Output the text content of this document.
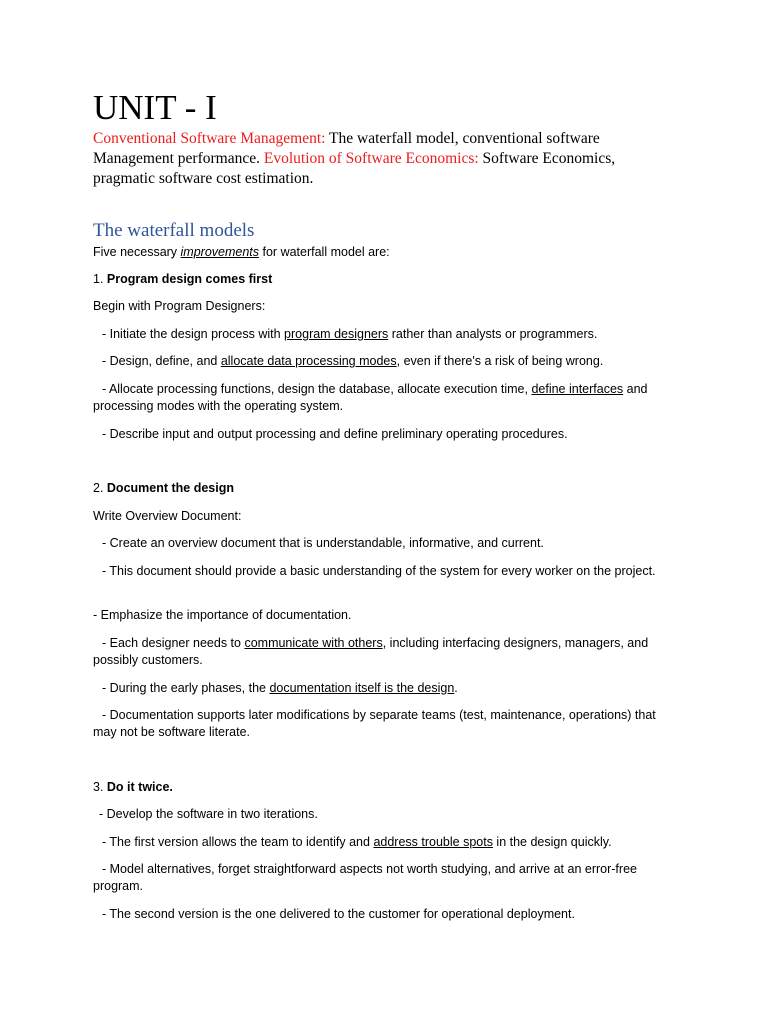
UNIT - I
Conventional Software Management: The waterfall model, conventional software Management performance. Evolution of Software Economics: Software Economics, pragmatic software cost estimation.
The waterfall models
Five necessary improvements for waterfall model are:
1. Program design comes first
Begin with Program Designers:
- Initiate the design process with program designers rather than analysts or programmers.
- Design, define, and allocate data processing modes, even if there's a risk of being wrong.
- Allocate processing functions, design the database, allocate execution time, define interfaces and processing modes with the operating system.
- Describe input and output processing and define preliminary operating procedures.
2. Document the design
Write Overview Document:
- Create an overview document that is understandable, informative, and current.
- This document should provide a basic understanding of the system for every worker on the project.
- Emphasize the importance of documentation.
- Each designer needs to communicate with others, including interfacing designers, managers, and possibly customers.
- During the early phases, the documentation itself is the design.
- Documentation supports later modifications by separate teams (test, maintenance, operations) that may not be software literate.
3. Do it twice.
- Develop the software in two iterations.
- The first version allows the team to identify and address trouble spots in the design quickly.
- Model alternatives, forget straightforward aspects not worth studying, and arrive at an error-free program.
- The second version is the one delivered to the customer for operational deployment.
